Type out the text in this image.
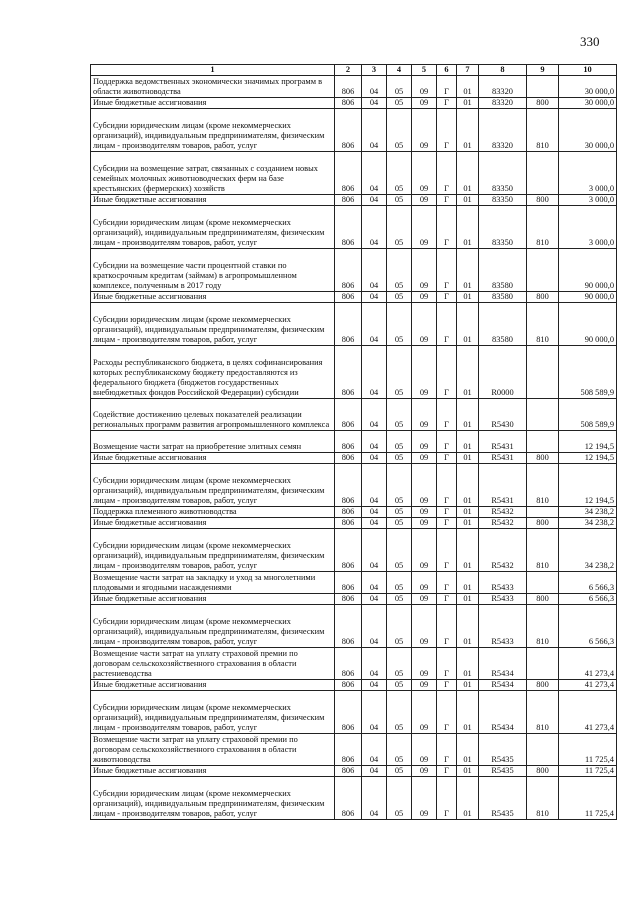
330
1	2	3	4	5	6	7	8	9	10
Поддержка ведомственных экономически значимых программ в области животноводства	806	04	05	09	Г	01	83320		30 000,0
Иные бюджетные ассигнования	806	04	05	09	Г	01	83320	800	30 000,0
Субсидии юридическим лицам (кроме некоммерческих организаций), индивидуальным предпринимателям, физическим лицам - производителям товаров, работ, услуг	806	04	05	09	Г	01	83320	810	30 000,0
Субсидии на возмещение затрат, связанных с созданием новых семейных молочных животноводческих ферм на базе крестьянских (фермерских) хозяйств	806	04	05	09	Г	01	83350		3 000,0
Иные бюджетные ассигнования	806	04	05	09	Г	01	83350	800	3 000,0
Субсидии юридическим лицам (кроме некоммерческих организаций), индивидуальным предпринимателям, физическим лицам - производителям товаров, работ, услуг	806	04	05	09	Г	01	83350	810	3 000,0
Субсидии на возмещение части процентной ставки по краткосрочным кредитам (займам) в агропромышленном комплексе, полученным в 2017 году	806	04	05	09	Г	01	83580		90 000,0
Иные бюджетные ассигнования	806	04	05	09	Г	01	83580	800	90 000,0
Субсидии юридическим лицам (кроме некоммерческих организаций), индивидуальным предпринимателям, физическим лицам - производителям товаров, работ, услуг	806	04	05	09	Г	01	83580	810	90 000,0
Расходы республиканского бюджета, в целях софинансирования которых республиканскому бюджету предоставляются из федерального бюджета (бюджетов государственных внебюджетных фондов Российской Федерации) субсидии	806	04	05	09	Г	01	R0000		508 589,9
Содействие достижению целевых показателей реализации региональных программ развития агропромышленного комплекса	806	04	05	09	Г	01	R5430		508 589,9
Возмещение части затрат на приобретение элитных семян	806	04	05	09	Г	01	R5431		12 194,5
Иные бюджетные ассигнования	806	04	05	09	Г	01	R5431	800	12 194,5
Субсидии юридическим лицам (кроме некоммерческих организаций), индивидуальным предпринимателям, физическим лицам - производителям товаров, работ, услуг	806	04	05	09	Г	01	R5431	810	12 194,5
Поддержка племенного животноводства	806	04	05	09	Г	01	R5432		34 238,2
Иные бюджетные ассигнования	806	04	05	09	Г	01	R5432	800	34 238,2
Субсидии юридическим лицам (кроме некоммерческих организаций), индивидуальным предпринимателям, физическим лицам - производителям товаров, работ, услуг	806	04	05	09	Г	01	R5432	810	34 238,2
Возмещение части затрат на закладку и уход за многолетними плодовыми и ягодными насаждениями	806	04	05	09	Г	01	R5433		6 566,3
Иные бюджетные ассигнования	806	04	05	09	Г	01	R5433	800	6 566,3
Субсидии юридическим лицам (кроме некоммерческих организаций), индивидуальным предпринимателям, физическим лицам - производителям товаров, работ, услуг	806	04	05	09	Г	01	R5433	810	6 566,3
Возмещение части затрат на уплату страховой премии по договорам сельскохозяйственного страхования в области растениеводства	806	04	05	09	Г	01	R5434		41 273,4
Иные бюджетные ассигнования	806	04	05	09	Г	01	R5434	800	41 273,4
Субсидии юридическим лицам (кроме некоммерческих организаций), индивидуальным предпринимателям, физическим лицам - производителям товаров, работ, услуг	806	04	05	09	Г	01	R5434	810	41 273,4
Возмещение части затрат на уплату страховой премии по договорам сельскохозяйственного страхования в области животноводства	806	04	05	09	Г	01	R5435		11 725,4
Иные бюджетные ассигнования	806	04	05	09	Г	01	R5435	800	11 725,4
Субсидии юридическим лицам (кроме некоммерческих организаций), индивидуальным предпринимателям, физическим лицам - производителям товаров, работ, услуг	806	04	05	09	Г	01	R5435	810	11 725,4
